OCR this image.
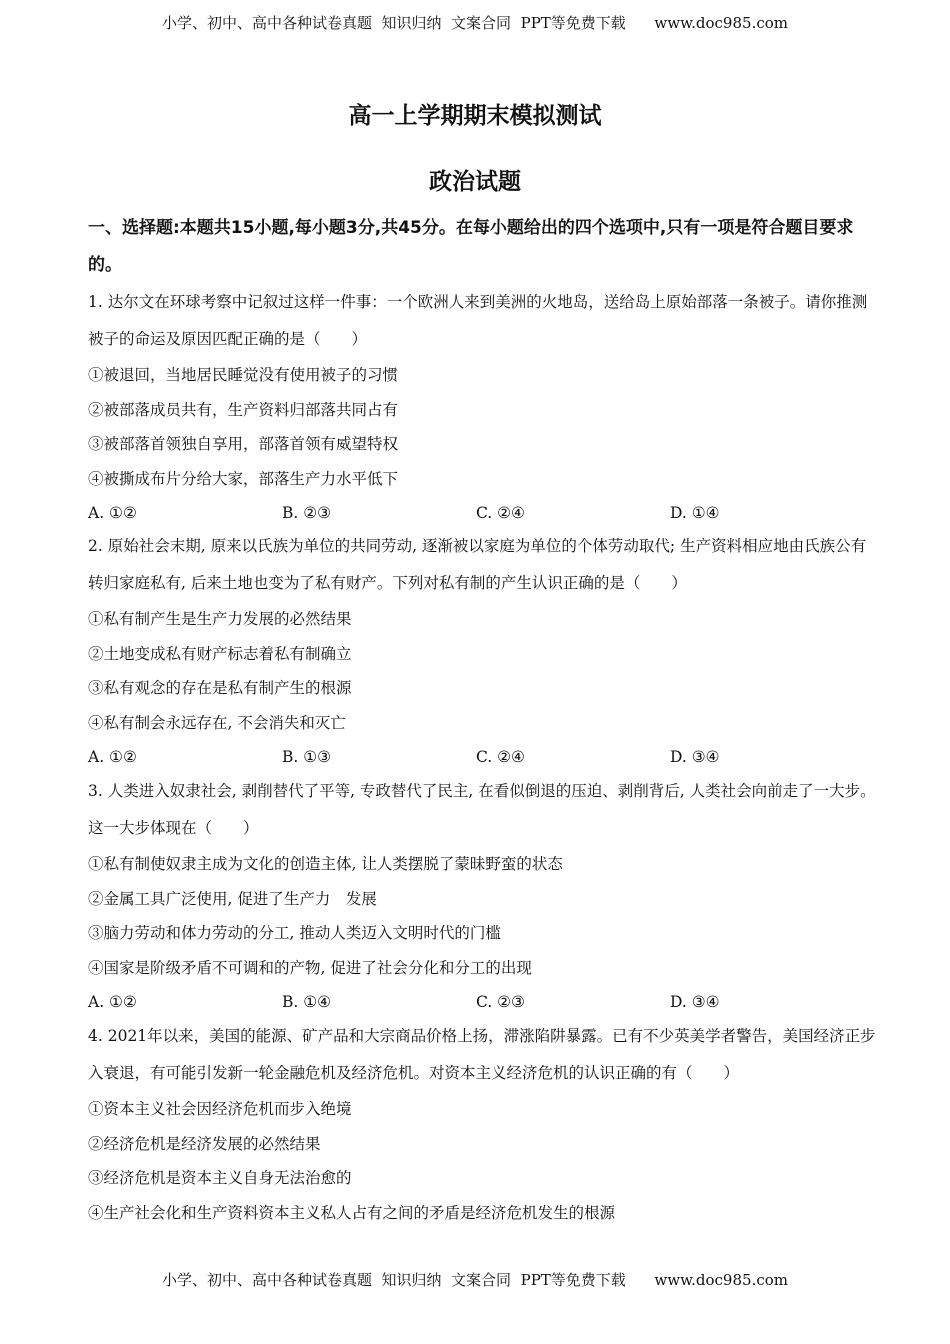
小学、初中、高中各种试卷真题  知识归纳  文案合同  PPT等免费下载      www.doc985.com
高一上学期期末模拟测试
政治试题
一、选择题:本题共15小题,每小题3分,共45分。在每小题给出的四个选项中,只有一项是符合题目要求的。
1. 达尔文在环球考察中记叙过这样一件事：一个欧洲人来到美洲的火地岛，送给岛上原始部落一条被子。请你推测被子的命运及原因匹配正确的是（　　）
①被退回，当地居民睡觉没有使用被子的习惯
②被部落成员共有，生产资料归部落共同占有
③被部落首领独自享用，部落首领有威望特权
④被撕成布片分给大家，部落生产力水平低下
A. ①②	B. ②③	C. ②④	D. ①④
2. 原始社会末期, 原来以氏族为单位的共同劳动, 逐渐被以家庭为单位的个体劳动取代; 生产资料相应地由氏族公有转归家庭私有, 后来土地也变为了私有财产。下列对私有制的产生认识正确的是（　　）
①私有制产生是生产力发展的必然结果
②土地变成私有财产标志着私有制确立
③私有观念的存在是私有制产生的根源
④私有制会永远存在, 不会消失和灭亡
A. ①②	B. ①③	C. ②④	D. ③④
3. 人类进入奴隶社会, 剥削替代了平等, 专政替代了民主, 在看似倒退的压迫、剥削背后, 人类社会向前走了一大步。这一大步体现在（　　）
①私有制使奴隶主成为文化的创造主体, 让人类摆脱了蒙昧野蛮的状态
②金属工具广泛使用, 促进了生产力　发展
③脑力劳动和体力劳动的分工, 推动人类迈入文明时代的门槛
④国家是阶级矛盾不可调和的产物, 促进了社会分化和分工的出现
A. ①②	B. ①④	C. ②③	D. ③④
4. 2021年以来，美国的能源、矿产品和大宗商品价格上扬，滞涨陷阱暴露。已有不少英美学者警告，美国经济正步入衰退，有可能引发新一轮金融危机及经济危机。对资本主义经济危机的认识正确的有（　　）
①资本主义社会因经济危机而步入绝境
②经济危机是经济发展的必然结果
③经济危机是资本主义自身无法治愈的
④生产社会化和生产资料资本主义私人占有之间的矛盾是经济危机发生的根源
小学、初中、高中各种试卷真题  知识归纳  文案合同  PPT等免费下载      www.doc985.com
